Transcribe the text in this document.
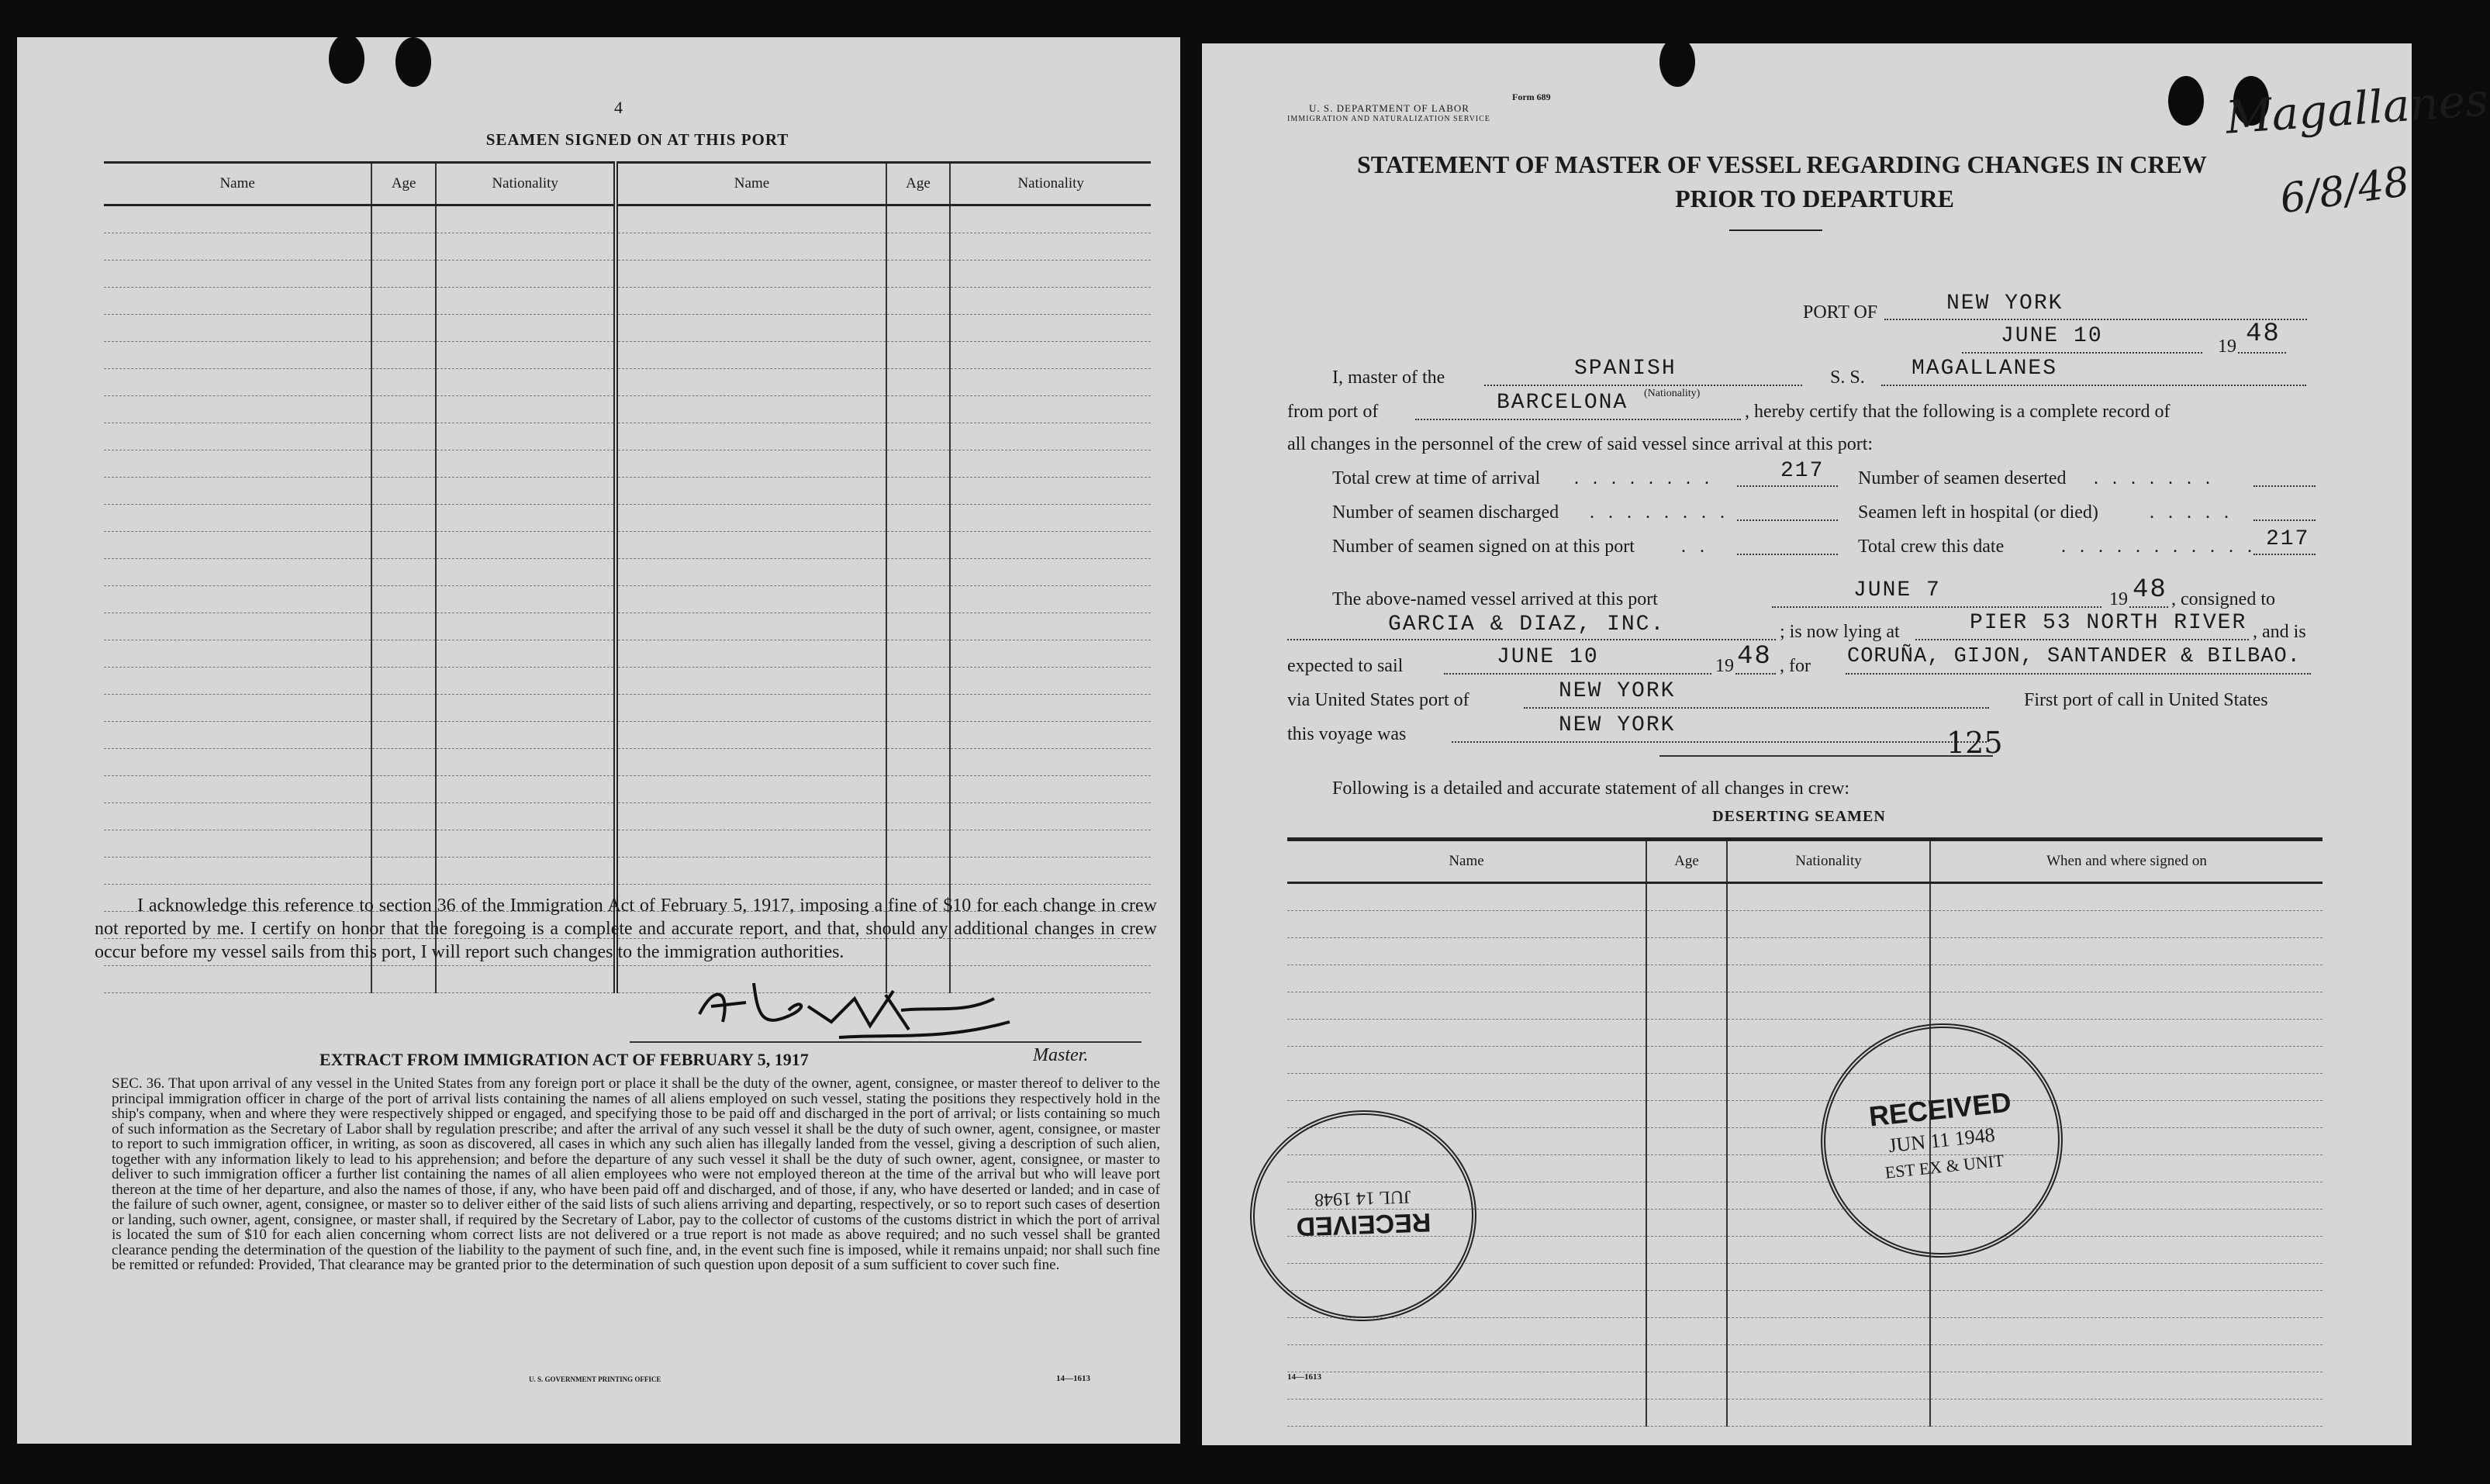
4
SEAMEN SIGNED ON AT THIS PORT
Name	Age	Nationality	Name	Age	Nationality

I acknowledge this reference to section 36 of the Immigration Act of February 5, 1917, imposing a fine of $10 for each change in crew not reported by me. I certify on honor that the foregoing is a complete and accurate report, and that, should any additional changes in crew occur before my vessel sails from this port, I will report such changes to the immigration authorities.
Master.
EXTRACT FROM IMMIGRATION ACT OF FEBRUARY 5, 1917
SEC. 36. That upon arrival of any vessel in the United States from any foreign port or place it shall be the duty of the owner, agent, consignee, or master thereof to deliver to the principal immigration officer in charge of the port of arrival lists containing the names of all aliens employed on such vessel, stating the positions they respectively hold in the ship's company, when and where they were respectively shipped or engaged, and specifying those to be paid off and discharged in the port of arrival; or lists containing so much of such information as the Secretary of Labor shall by regulation prescribe; and after the arrival of any such vessel it shall be the duty of such owner, agent, consignee, or master to report to such immigration officer, in writing, as soon as discovered, all cases in which any such alien has illegally landed from the vessel, giving a description of such alien, together with any information likely to lead to his apprehension; and before the departure of any such vessel it shall be the duty of such owner, agent, consignee, or master to deliver to such immigration officer a further list containing the names of all alien employees who were not employed thereon at the time of the arrival but who will leave port thereon at the time of her departure, and also the names of those, if any, who have been paid off and discharged, and of those, if any, who have deserted or landed; and in case of the failure of such owner, agent, consignee, or master so to deliver either of the said lists of such aliens arriving and departing, respectively, or so to report such cases of desertion or landing, such owner, agent, consignee, or master shall, if required by the Secretary of Labor, pay to the collector of customs of the customs district in which the port of arrival is located the sum of $10 for each alien concerning whom correct lists are not delivered or a true report is not made as above required; and no such vessel shall be granted clearance pending the determination of the question of the liability to the payment of such fine, and, in the event such fine is imposed, while it remains unpaid; nor shall such fine be remitted or refunded: Provided, That clearance may be granted prior to the determination of such question upon deposit of a sum sufficient to cover such fine.
U. S. GOVERNMENT PRINTING OFFICE	14—1613
Form 689
U. S. DEPARTMENT OF LABOR
IMMIGRATION AND NATURALIZATION SERVICE
STATEMENT OF MASTER OF VESSEL REGARDING CHANGES IN CREW
PRIOR TO DEPARTURE
Magallanes
6/8/48
PORT OF	NEW YORK
JUNE 10	19 48
I, master of the	SPANISH
(Nationality)
S. S. MAGALLANES
from port of	BARCELONA	, hereby certify that the following is a complete record of
all changes in the personnel of the crew of said vessel since arrival at this port:
Total crew at time of arrival . . . . . . . .	217 Number of seamen deserted . . . . . . .
Number of seamen discharged . . . . . . . .	Seamen left in hospital (or died)	. . . . .
Number of seamen signed on at this port	. .	Total crew this date	. . . . . . . . . . . 217
The above-named vessel arrived at this port	JUNE 7	19 48 , consigned to
GARCIA & DIAZ, INC.	; is now lying at	PIER 53 NORTH RIVER , and is
expected to sail	JUNE 10	19 48 , for CORUÑA, GIJON, SANTANDER & BILBAO.
via United States port of	NEW YORK	First port of call in United States
this voyage was	NEW YORK
125
Following is a detailed and accurate statement of all changes in crew:
DESERTING SEAMEN
Name	Age	Nationality	When and where signed on

14—1613
RECEIVED
JUL 14 1948
RECEIVED
JUN 11 1948
EST EX & UNIT
